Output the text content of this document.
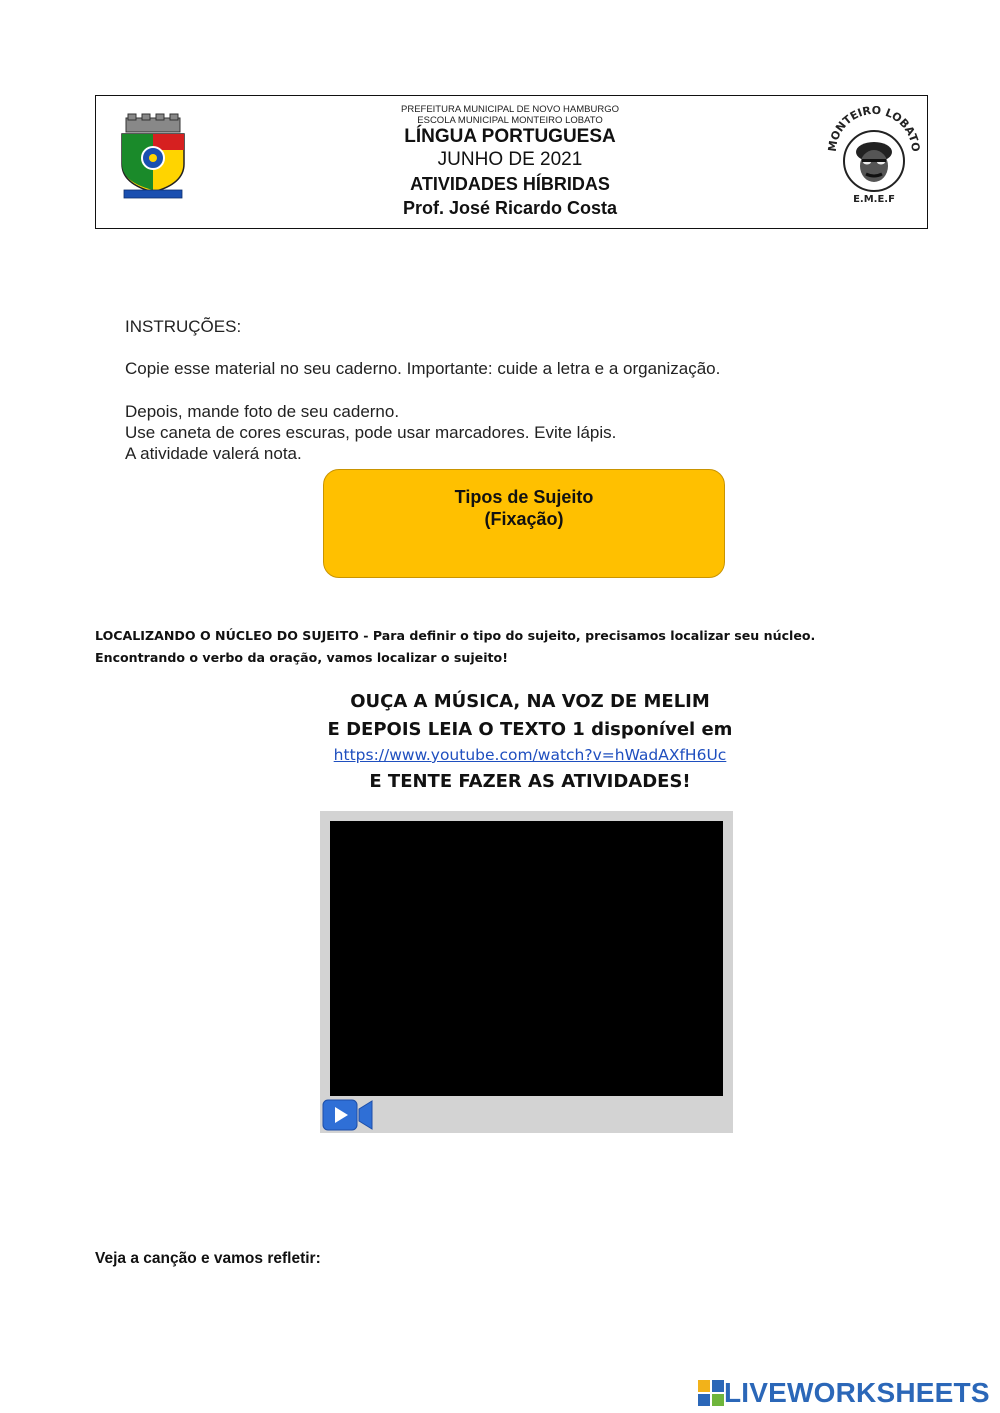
MONTEIRO LOBATO
E.M.E.F
PREFEITURA MUNICIPAL DE NOVO HAMBURGO
ESCOLA MUNICIPAL MONTEIRO LOBATO
LÍNGUA PORTUGUESA
JUNHO DE 2021
ATIVIDADES HÍBRIDAS
Prof. José Ricardo Costa
INSTRUÇÕES:
Copie esse material no seu caderno. Importante: cuide a letra e a organização.
Depois, mande foto de seu caderno.
Use caneta de cores escuras, pode usar marcadores. Evite lápis.
A atividade valerá nota.
Tipos de Sujeito
(Fixação)
LOCALIZANDO O NÚCLEO DO SUJEITO - Para definir o tipo do sujeito, precisamos localizar seu núcleo.
Encontrando o verbo da oração, vamos localizar o sujeito!
OUÇA A MÚSICA, NA VOZ DE MELIM
E DEPOIS LEIA O TEXTO 1 disponível em
https://www.youtube.com/watch?v=hWadAXfH6Uc
E TENTE FAZER AS ATIVIDADES!
Veja a canção e vamos refletir:
LIVEWORKSHEETS
